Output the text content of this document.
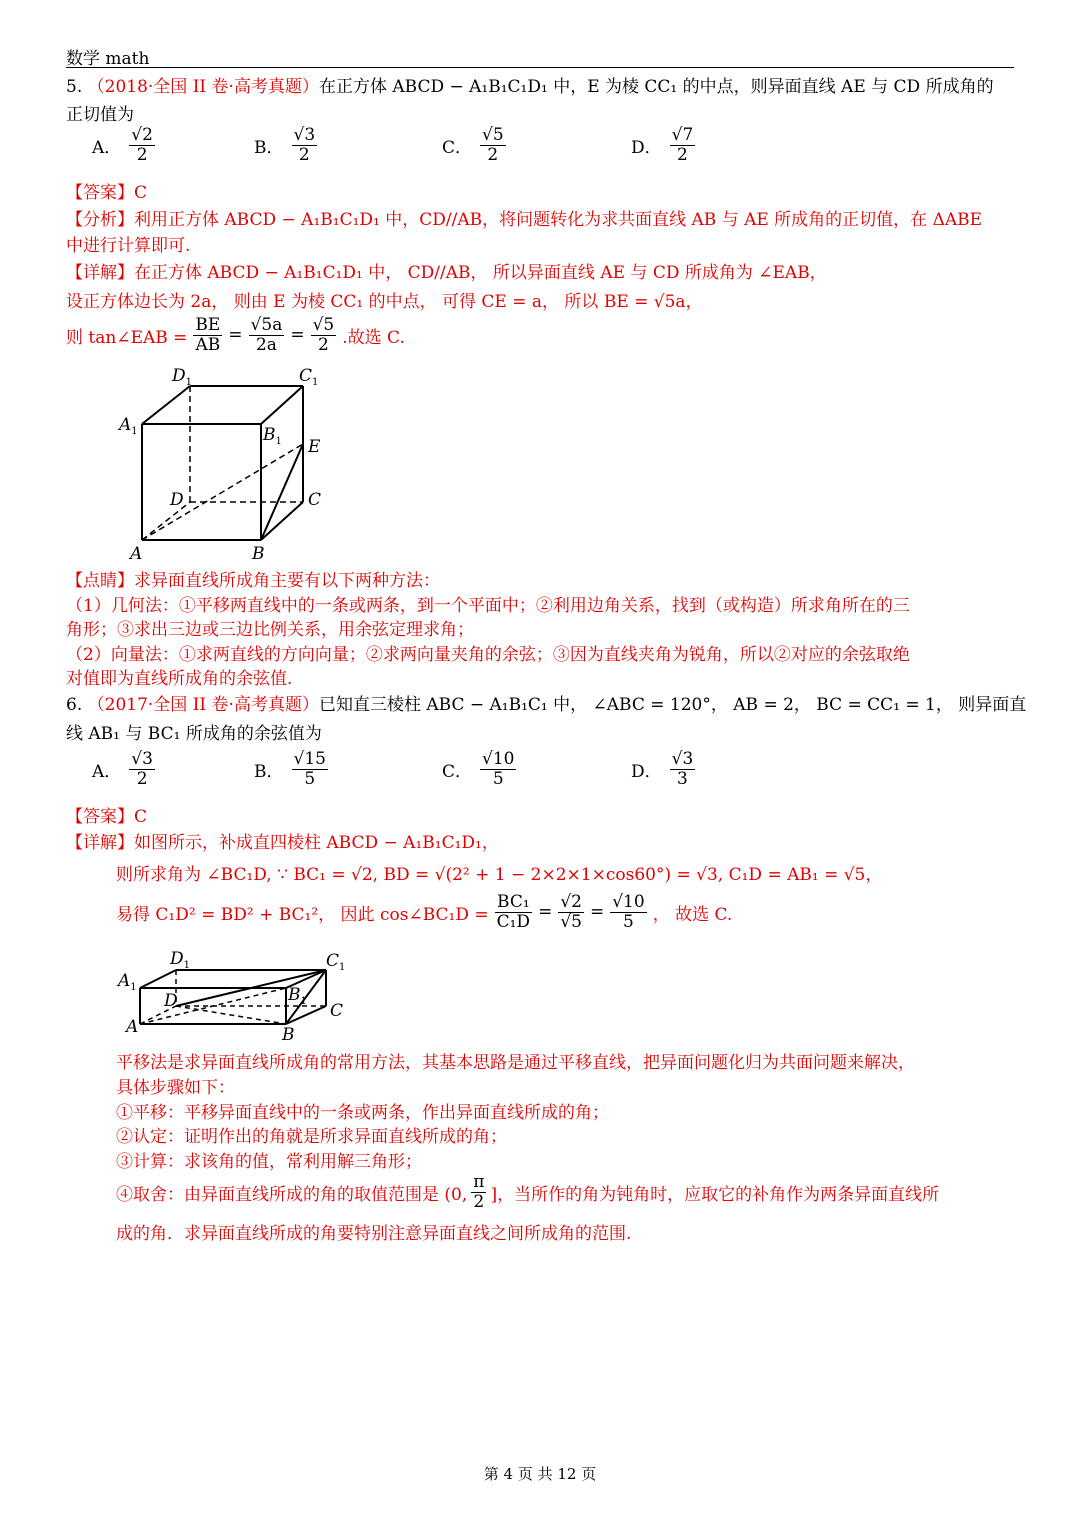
数学 math
5. （2018·全国 II 卷·高考真题）在正方体 ABCD − A₁B₁C₁D₁ 中，E 为棱 CC₁ 的中点，则异面直线 AE 与 CD 所成角的
正切值为
A． $\frac{√2}{2}$	B． $\frac{√3}{2}$	C． $\frac{√5}{2}$	D． $\frac{√7}{2}$
【答案】C
【分析】利用正方体 ABCD − A₁B₁C₁D₁ 中，CD//AB，将问题转化为求共面直线 AB 与 AE 所成角的正切值，在 ΔABE
中进行计算即可.
【详解】在正方体 ABCD − A₁B₁C₁D₁ 中， CD//AB， 所以异面直线 AE 与 CD 所成角为 ∠EAB，
设正方体边长为 2a， 则由 E 为棱 CC₁ 的中点， 可得 CE = a， 所以 BE = √5a，
则 tan∠EAB = $\frac{BE}{AB} = \frac{√5a}{2a} = \frac{√5}{2}$ .故选 C.
$D_1$	$C_1$
$A_1$	$B_1$ E
D	C
A	B
【点睛】求异面直线所成角主要有以下两种方法：
（1）几何法：①平移两直线中的一条或两条，到一个平面中；②利用边角关系，找到（或构造）所求角所在的三
角形；③求出三边或三边比例关系，用余弦定理求角；
（2）向量法：①求两直线的方向向量；②求两向量夹角的余弦；③因为直线夹角为锐角，所以②对应的余弦取绝
对值即为直线所成角的余弦值.
6. （2017·全国 II 卷·高考真题）已知直三棱柱 ABC − A₁B₁C₁ 中， ∠ABC = 120°， AB = 2， BC = CC₁ = 1， 则异面直
线 AB₁ 与 BC₁ 所成角的余弦值为
A． $\frac{√3}{2}$	B． $\frac{√15}{5}$	C． $\frac{√10}{5}$	D． $\frac{√3}{3}$
【答案】C
【详解】如图所示，补成直四棱柱 ABCD − A₁B₁C₁D₁，
则所求角为 ∠BC₁D, ∵ BC₁ = √2, BD = √(2² + 1 − 2×2×1×cos60°) = √3, C₁D = AB₁ = √5，
易得 C₁D² = BD² + BC₁²， 因此 cos∠BC₁D = $\frac{\text{BC₁}}{\text{C₁D}} = \frac{√2}{√5} = \frac{√10}{5}$ ， 故选 C.
$D_1$	$C_1$
$A_1$	$B_1$
D	C
A	B
平移法是求异面直线所成角的常用方法，其基本思路是通过平移直线，把异面问题化归为共面问题来解决，
具体步骤如下：
①平移：平移异面直线中的一条或两条，作出异面直线所成的角；
②认定：证明作出的角就是所求异面直线所成的角；
③计算：求该角的值，常利用解三角形；
④取舍：由异面直线所成的角的取值范围是 (0, $\frac{\pi}{2}$ ]，当所作的角为钝角时，应取它的补角作为两条异面直线所
成的角．求异面直线所成的角要特别注意异面直线之间所成角的范围.
第 4 页 共 12 页
